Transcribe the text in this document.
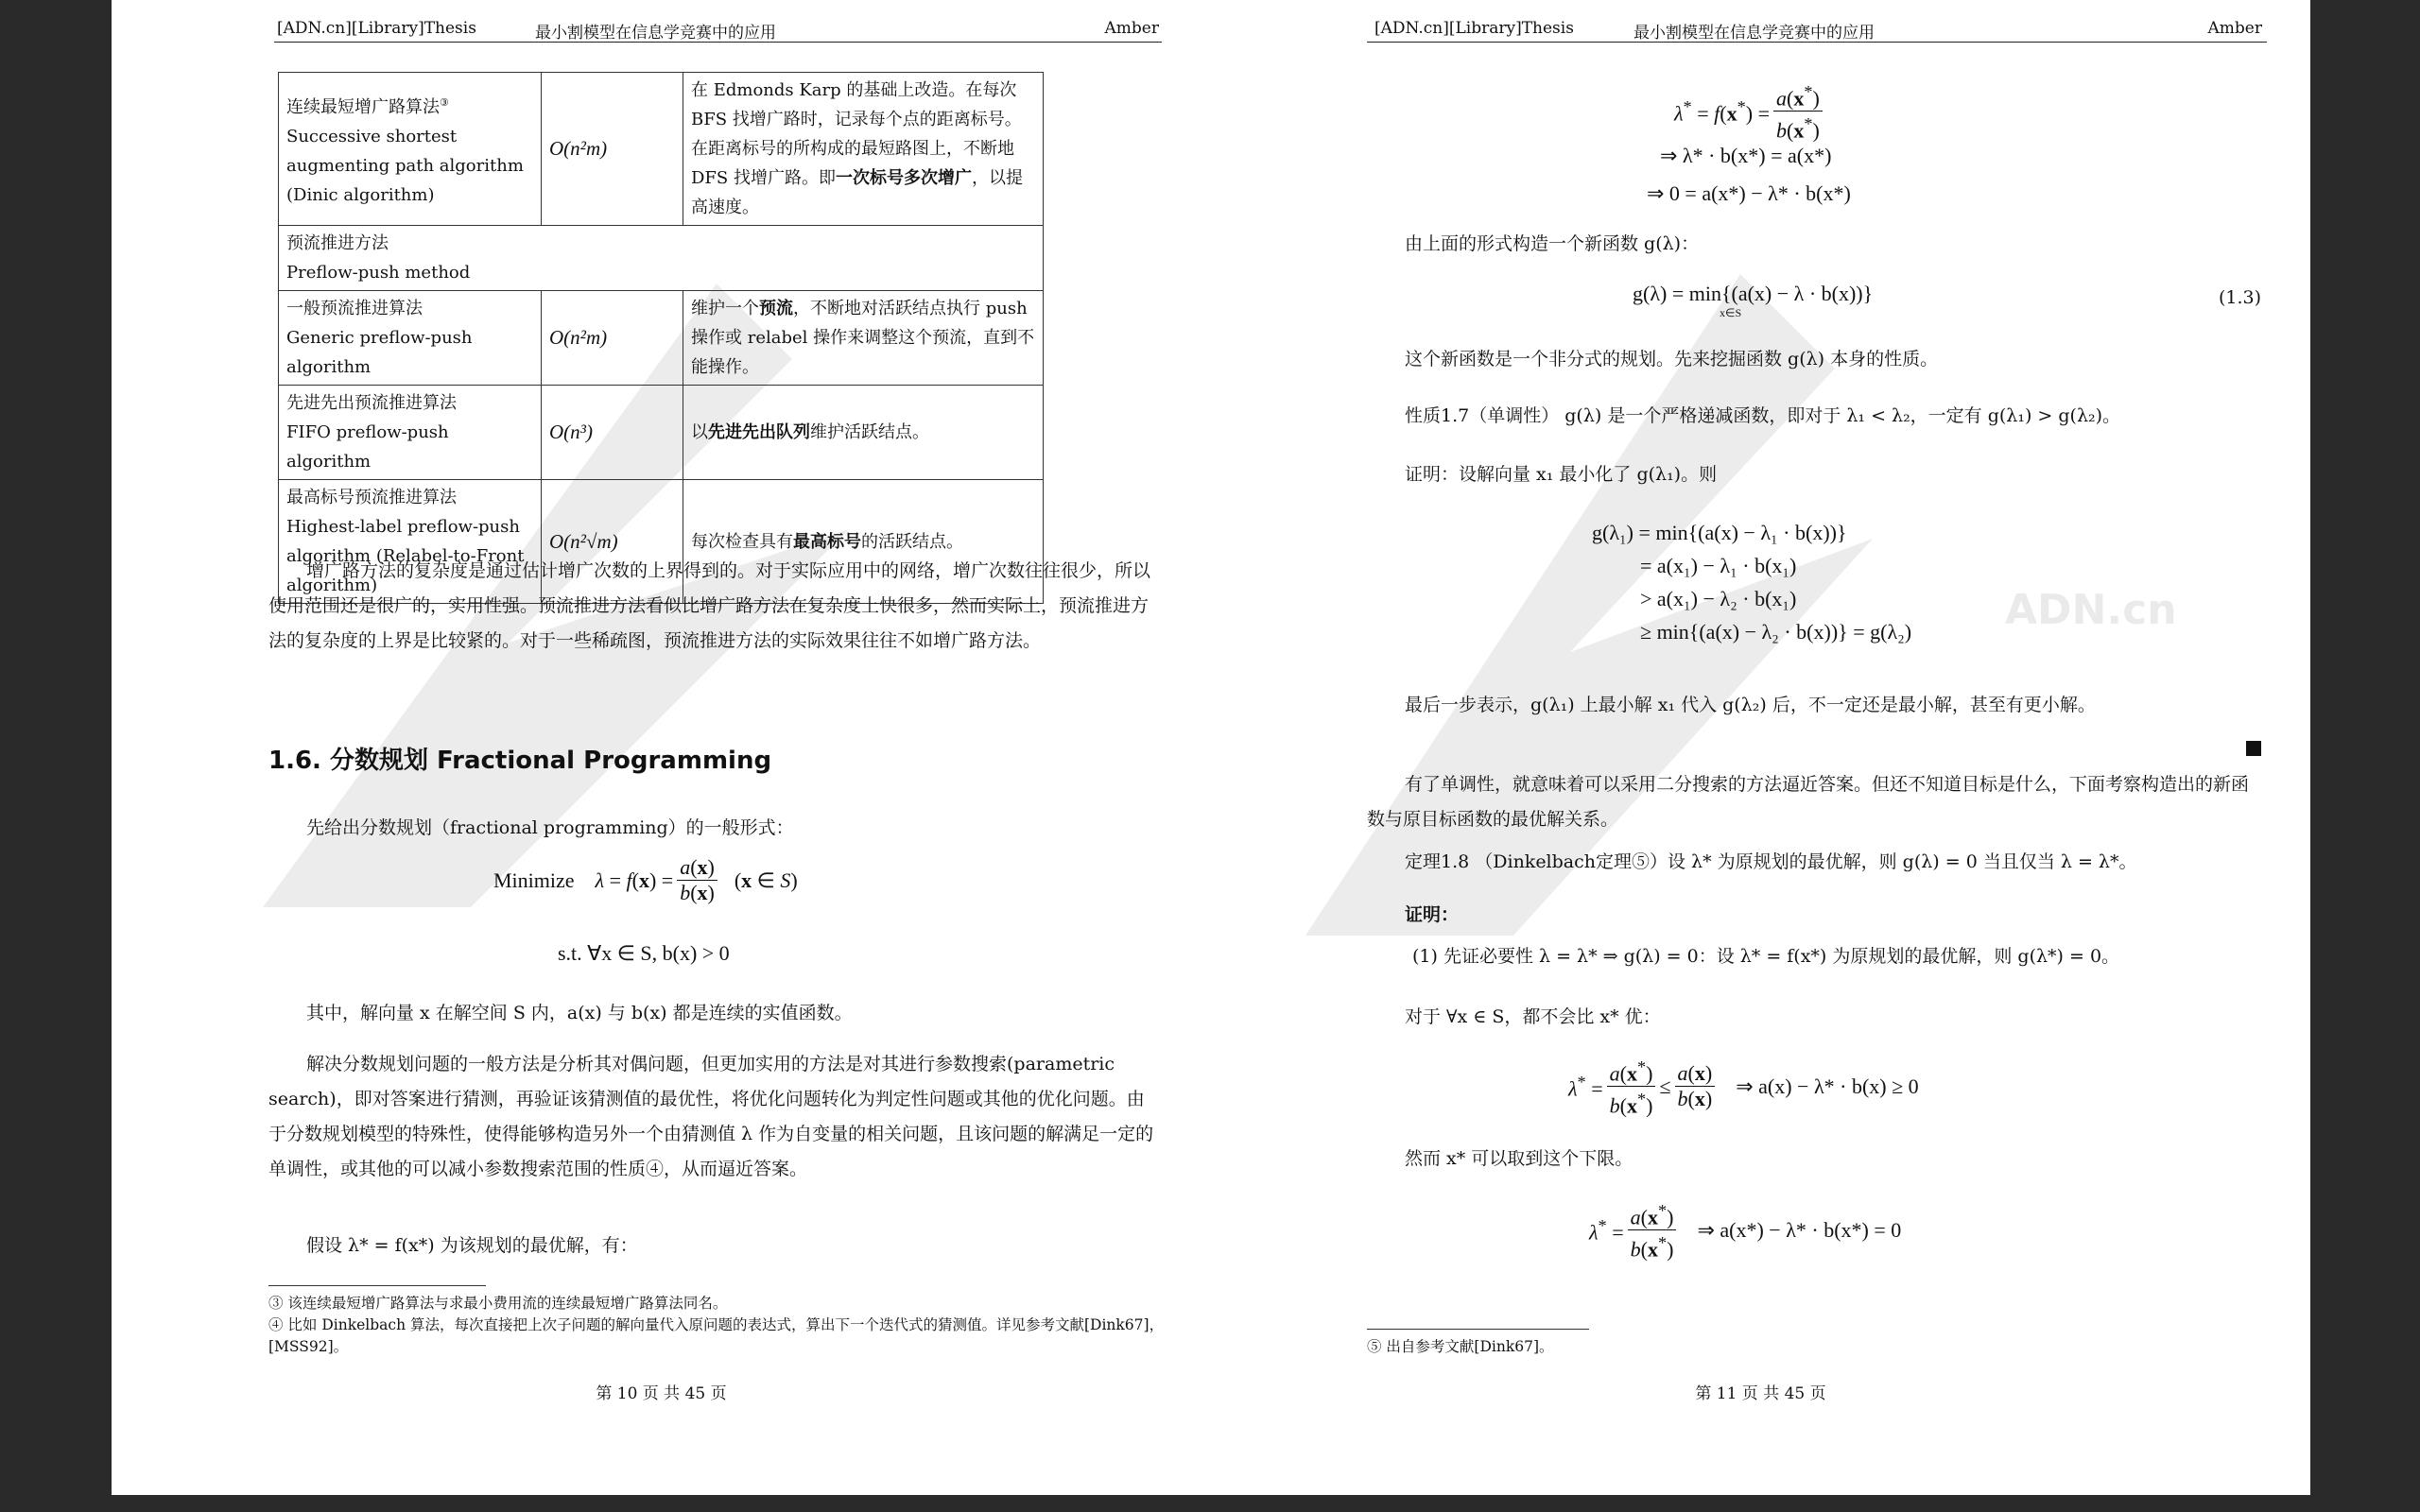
[ADN.cn][Library]Thesis	最小割模型在信息学竞赛中的应用	Amber
连续最短增广路算法③
Successive shortest
augmenting path algorithm
(Dinic algorithm)	O(n²m)	在 Edmonds Karp 的基础上改造。在每次 BFS 找增广路时，记录每个点的距离标号。在距离标号的所构成的最短路图上，不断地 DFS 找增广路。即一次标号多次增广，以提高速度。

预流推进方法
Preflow-push method		

一般预流推进算法
Generic preflow-push
algorithm	O(n²m)	维护一个预流，不断地对活跃结点执行 push 操作或 relabel 操作来调整这个预流，直到不能操作。

先进先出预流推进算法
FIFO preflow-push algorithm	O(n³)	以先进先出队列维护活跃结点。

最高标号预流推进算法
Highest-label preflow-push
algorithm (Relabel-to-Front
algorithm)	O(n²√m)	每次检查具有最高标号的活跃结点。

增广路方法的复杂度是通过估计增广次数的上界得到的。对于实际应用中的网络，增广次数往往很少，所以使用范围还是很广的，实用性强。预流推进方法看似比增广路方法在复杂度上快很多，然而实际上，预流推进方法的复杂度的上界是比较紧的。对于一些稀疏图，预流推进方法的实际效果往往不如增广路方法。

1.6. 分数规划 Fractional Programming

先给出分数规划（fractional programming）的一般形式：

Minimize $\lambda = f(x) = \frac{a(x)}{b(x)} (x$ ∈ S)
s.t. ∀x ∈ S, b(x) > 0

其中，解向量 x 在解空间 S 内，a(x) 与 b(x) 都是连续的实值函数。

解决分数规划问题的一般方法是分析其对偶问题，但更加实用的方法是对其进行参数搜索(parametric search)，即对答案进行猜测，再验证该猜测值的最优性，将优化问题转化为判定性问题或其他的优化问题。由于分数规划模型的特殊性，使得能够构造另外一个由猜测值 λ 作为自变量的相关问题，且该问题的解满足一定的单调性，或其他的可以减小参数搜索范围的性质④，从而逼近答案。

假设 λ* = f(x*) 为该规划的最优解，有：

③ 该连续最短增广路算法与求最小费用流的连续最短增广路算法同名。
④ 比如 Dinkelbach 算法，每次直接把上次子问题的解向量代入原问题的表达式，算出下一个迭代式的猜测值。详见参考文献[Dink67]，[MSS92]。
第 10 页 共 45 页
ADN.cn
[ADN.cn][Library]Thesis	最小割模型在信息学竞赛中的应用	Amber
$\lambda^* = f(x^*) = \frac{a(x^*)}{b(x^*)}$
⇒ λ* · b(x*) = a(x*)
⇒ 0 = a(x*) − λ* · b(x*)

由上面的形式构造一个新函数 g(λ)：

g(λ) = min{(a(x) − λ · b(x))}
x∈S
(1.3)

这个新函数是一个非分式的规划。先来挖掘函数 g(λ) 本身的性质。

性质1.7（单调性） g(λ) 是一个严格递减函数，即对于 λ₁ < λ₂，一定有 g(λ₁) > g(λ₂)。

证明：设解向量 x₁ 最小化了 g(λ₁)。则

g(λ₁) = min{(a(x) − λ₁ · b(x))}
= a(x₁) − λ₁ · b(x₁)
> a(x₁) − λ₂ · b(x₁)
≥ min{(a(x) − λ₂ · b(x))} = g(λ₂)

最后一步表示，g(λ₁) 上最小解 x₁ 代入 g(λ₂) 后，不一定还是最小解，甚至有更小解。

有了单调性，就意味着可以采用二分搜索的方法逼近答案。但还不知道目标是什么，下面考察构造出的新函数与原目标函数的最优解关系。

定理1.8 （Dinkelbach定理⑤）设 λ* 为原规划的最优解，则 g(λ) = 0 当且仅当 λ = λ*。

证明：

(1) 先证必要性 λ = λ* ⇒ g(λ) = 0：设 λ* = f(x*) 为原规划的最优解，则 g(λ*) = 0。

对于 ∀x ∈ S，都不会比 x* 优：

$\lambda^* = \frac{a(x^*)}{b(x^*)} \le \frac{a(x)}{b(x)}$ ⇒ a(x) − λ* · b(x) ≥ 0

然而 x* 可以取到这个下限。

$\lambda^* = \frac{a(x^*)}{b(x^*)}$ ⇒ a(x*) − λ* · b(x*) = 0
⑤ 出自参考文献[Dink67]。
第 11 页 共 45 页
